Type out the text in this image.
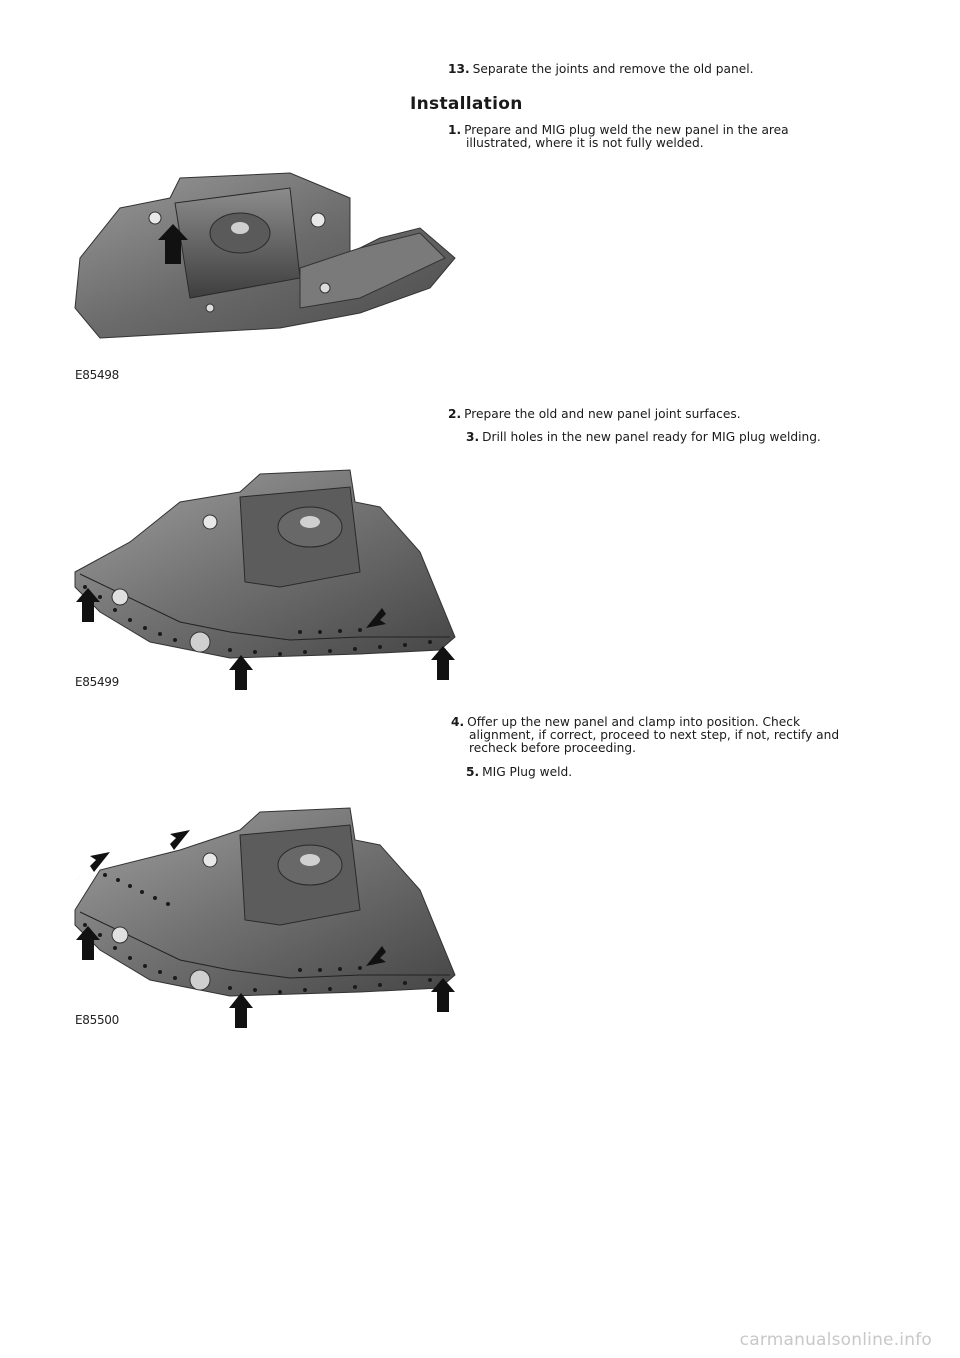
13. Separate the joints and remove the old panel.
Installation
1. Prepare and MIG plug weld the new panel in the area
illustrated, where it is not fully welded.
E85498
2. Prepare the old and new panel joint surfaces.
3. Drill holes in the new panel ready for MIG plug welding.
E85499
4. Offer up the new panel and clamp into position. Check
alignment, if correct, proceed to next step, if not, rectify and
recheck before proceeding.
5. MIG Plug weld.
E85500
carmanualsonline.info
